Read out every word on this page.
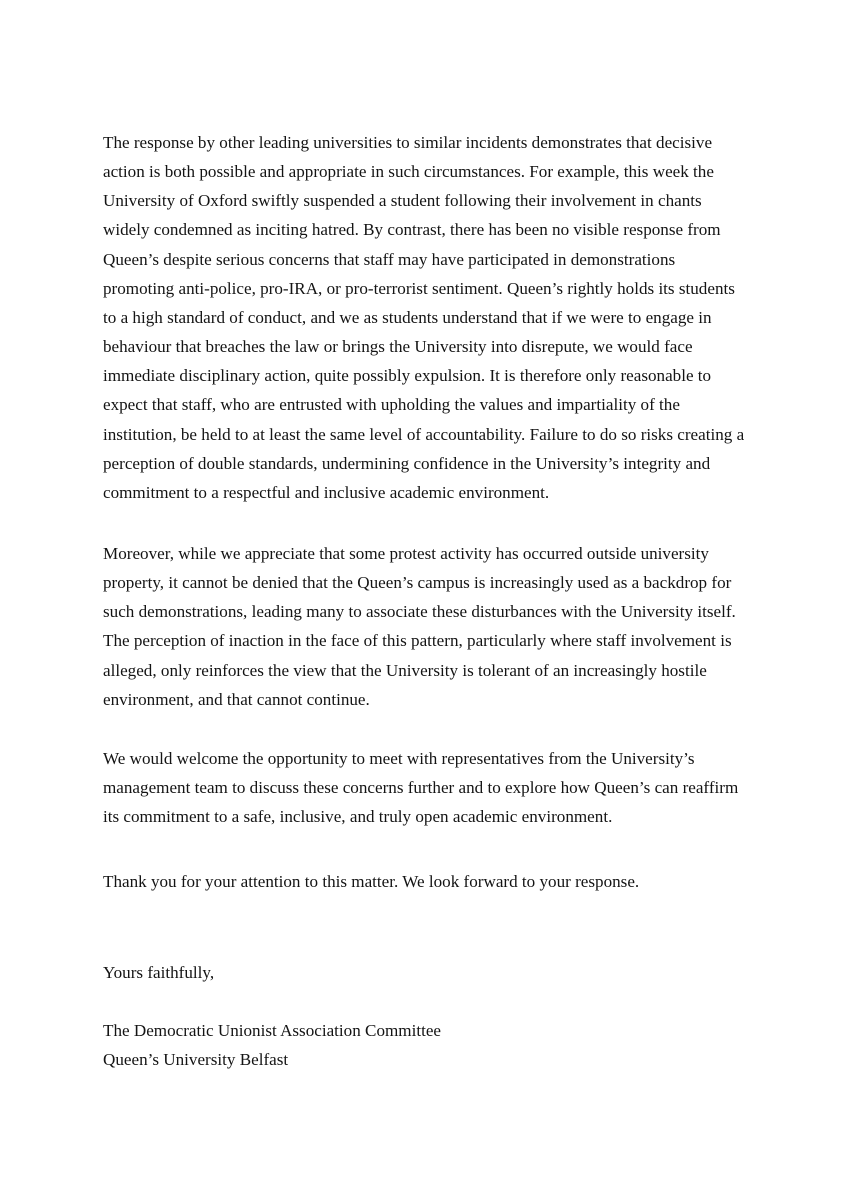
The response by other leading universities to similar incidents demonstrates that decisive
action is both possible and appropriate in such circumstances. For example, this week the
University of Oxford swiftly suspended a student following their involvement in chants
widely condemned as inciting hatred. By contrast, there has been no visible response from
Queen’s despite serious concerns that staff may have participated in demonstrations
promoting anti-police, pro-IRA, or pro-terrorist sentiment. Queen’s rightly holds its students
to a high standard of conduct, and we as students understand that if we were to engage in
behaviour that breaches the law or brings the University into disrepute, we would face
immediate disciplinary action, quite possibly expulsion. It is therefore only reasonable to
expect that staff, who are entrusted with upholding the values and impartiality of the
institution, be held to at least the same level of accountability. Failure to do so risks creating a
perception of double standards, undermining confidence in the University’s integrity and
commitment to a respectful and inclusive academic environment.

Moreover, while we appreciate that some protest activity has occurred outside university
property, it cannot be denied that the Queen’s campus is increasingly used as a backdrop for
such demonstrations, leading many to associate these disturbances with the University itself.
The perception of inaction in the face of this pattern, particularly where staff involvement is
alleged, only reinforces the view that the University is tolerant of an increasingly hostile
environment, and that cannot continue.

We would welcome the opportunity to meet with representatives from the University’s
management team to discuss these concerns further and to explore how Queen’s can reaffirm
its commitment to a safe, inclusive, and truly open academic environment.

Thank you for your attention to this matter. We look forward to your response.

Yours faithfully,

The Democratic Unionist Association Committee
Queen’s University Belfast
